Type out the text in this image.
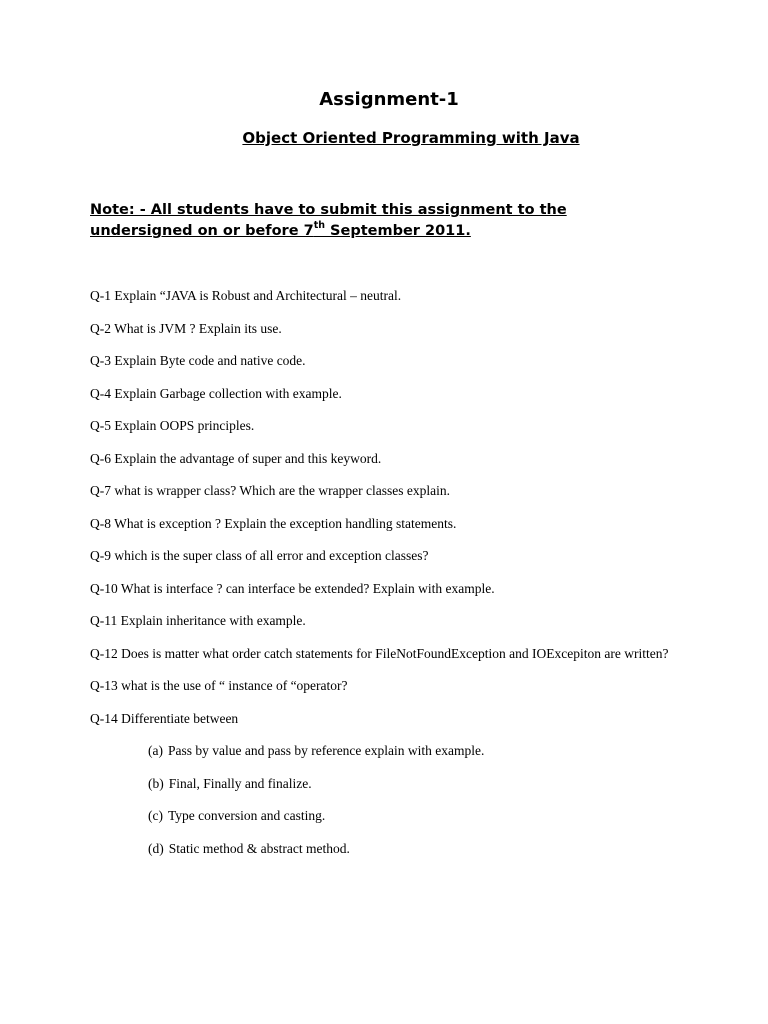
Assignment-1
Object Oriented Programming with Java

Note: - All students have to submit this assignment to the undersigned on or before 7th September 2011.

Q-1 Explain “JAVA is Robust and Architectural – neutral.

Q-2 What is JVM ? Explain its use.

Q-3 Explain Byte code and native code.

Q-4 Explain Garbage collection with example.

Q-5 Explain OOPS principles.

Q-6 Explain the advantage of super and this keyword.

Q-7 what is wrapper class? Which are the wrapper classes explain.

Q-8 What is exception ? Explain the exception handling statements.

Q-9 which is the super class of all error and exception classes?

Q-10 What is interface ? can interface be extended? Explain with example.

Q-11 Explain inheritance with example.

Q-12 Does is matter what order catch statements for FileNotFoundException and IOExcepiton are written?

Q-13 what is the use of “ instance of “operator?

Q-14 Differentiate between

(a) Pass by value and pass by reference explain with example.

(b) Final, Finally and finalize.

(c) Type conversion and casting.

(d) Static method & abstract method.
